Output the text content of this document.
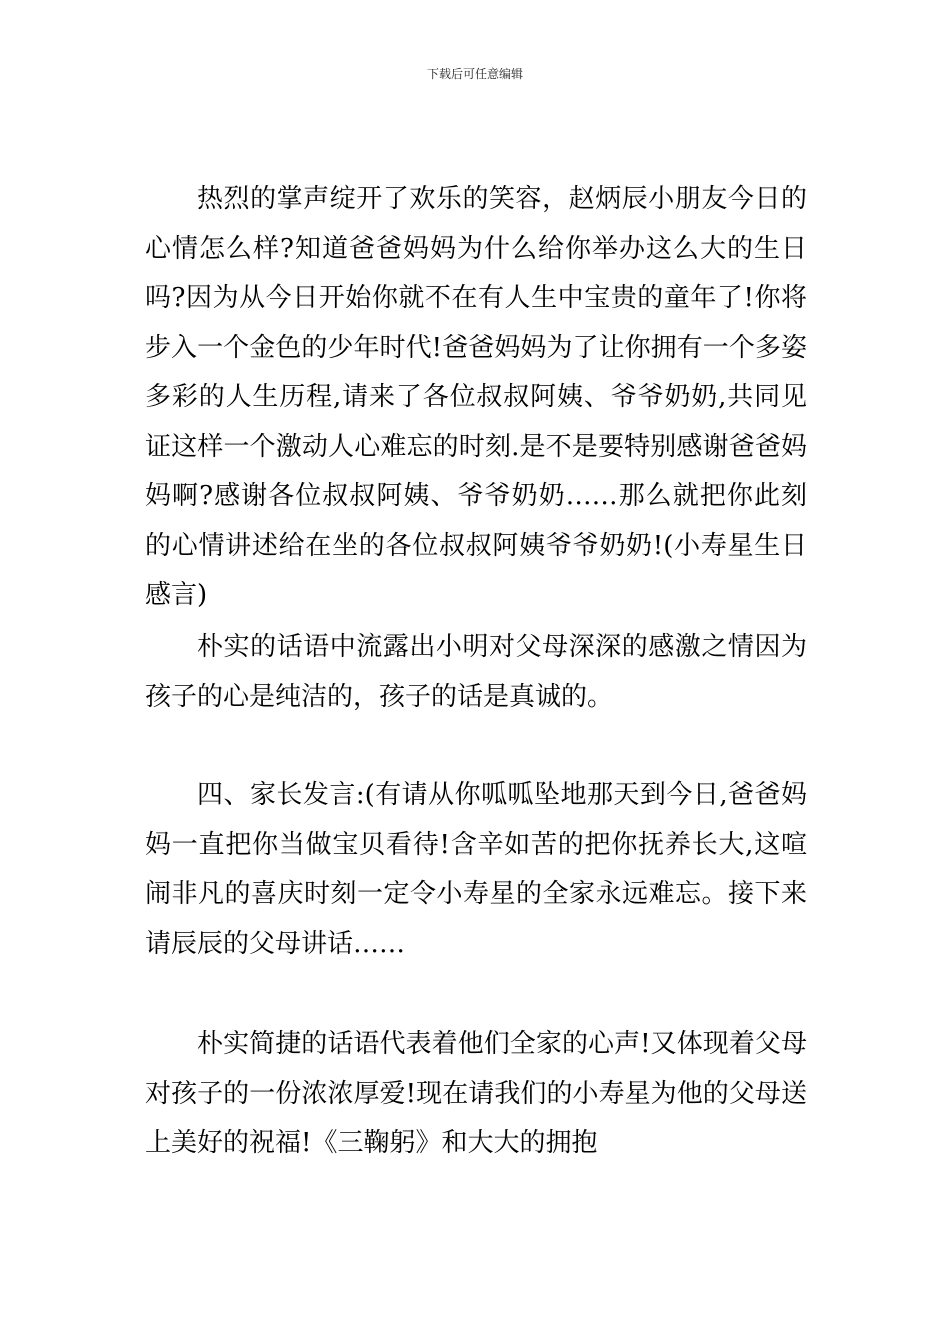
下载后可任意编辑

热烈的掌声绽开了欢乐的笑容，赵炳辰小朋友今日的心情怎么样?知道爸爸妈妈为什么给你举办这么大的生日吗?因为从今日开始你就不在有人生中宝贵的童年了!你将步入一个金色的少年时代!爸爸妈妈为了让你拥有一个多姿多彩的人生历程,请来了各位叔叔阿姨、爷爷奶奶,共同见证这样一个激动人心难忘的时刻.是不是要特别感谢爸爸妈妈啊?感谢各位叔叔阿姨、爷爷奶奶……那么就把你此刻的心情讲述给在坐的各位叔叔阿姨爷爷奶奶!(小寿星生日感言)

朴实的话语中流露出小明对父母深深的感激之情因为孩子的心是纯洁的，孩子的话是真诚的。

四、家长发言:(有请从你呱呱坠地那天到今日,爸爸妈妈一直把你当做宝贝看待!含辛如苦的把你抚养长大,这喧闹非凡的喜庆时刻一定令小寿星的全家永远难忘。接下来请辰辰的父母讲话……

朴实简捷的话语代表着他们全家的心声!又体现着父母对孩子的一份浓浓厚爱!现在请我们的小寿星为他的父母送上美好的祝福!《三鞠躬》和大大的拥抱
